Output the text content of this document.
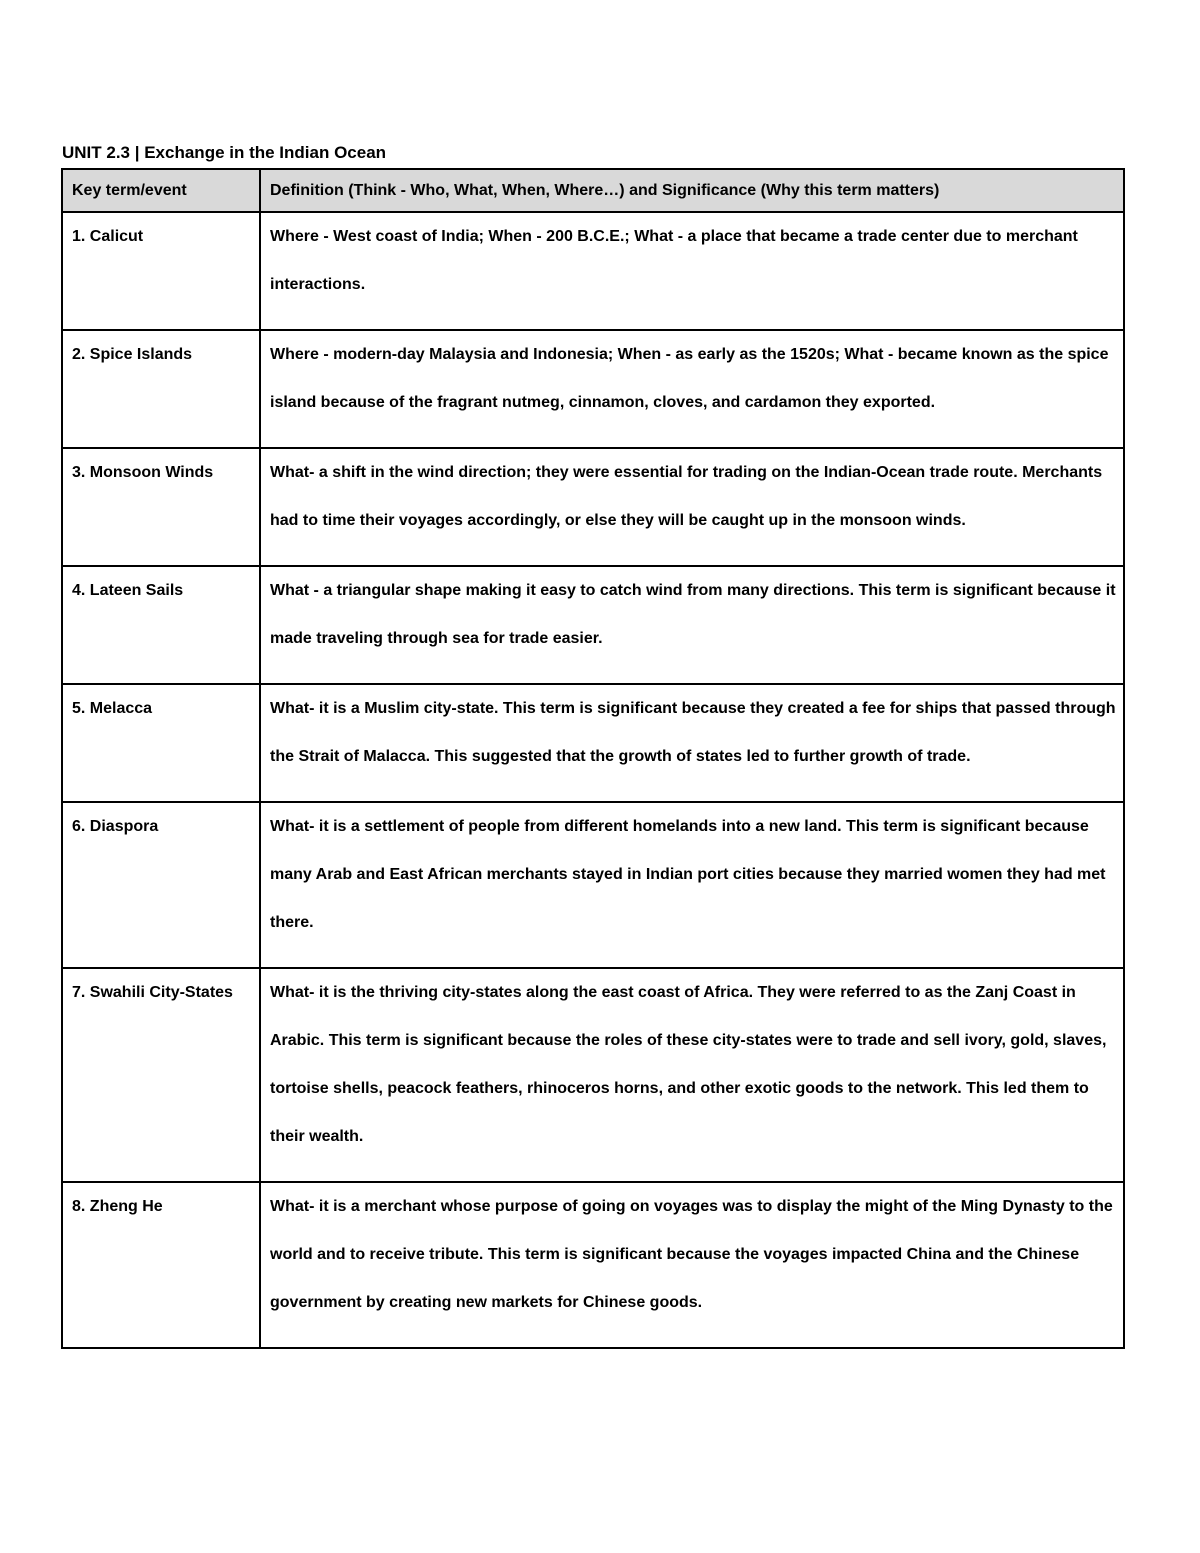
UNIT 2.3 | Exchange in the Indian Ocean
Key term/event	Definition (Think - Who, What, When, Where…) and Significance (Why this term matters)
1. Calicut	Where - West coast of India; When - 200 B.C.E.; What - a place that became a trade center due to merchant interactions.
2. Spice Islands	Where - modern-day Malaysia and Indonesia; When - as early as the 1520s; What - became known as the spice island because of the fragrant nutmeg, cinnamon, cloves, and cardamon they exported.
3. Monsoon Winds	What- a shift in the wind direction; they were essential for trading on the Indian-Ocean trade route. Merchants had to time their voyages accordingly, or else they will be caught up in the monsoon winds.
4. Lateen Sails	What - a triangular shape making it easy to catch wind from many directions. This term is significant because it made traveling through sea for trade easier.
5. Melacca	What- it is a Muslim city-state. This term is significant because they created a fee for ships that passed through the Strait of Malacca. This suggested that the growth of states led to further growth of trade.
6. Diaspora	What- it is a settlement of people from different homelands into a new land. This term is significant because many Arab and East African merchants stayed in Indian port cities because they married women they had met there.
7. Swahili City-States	What- it is the thriving city-states along the east coast of Africa. They were referred to as the Zanj Coast in Arabic. This term is significant because the roles of these city-states were to trade and sell ivory, gold, slaves, tortoise shells, peacock feathers, rhinoceros horns, and other exotic goods to the network. This led them to their wealth.
8. Zheng He	What- it is a merchant whose purpose of going on voyages was to display the might of the Ming Dynasty to the world and to receive tribute. This term is significant because the voyages impacted China and the Chinese government by creating new markets for Chinese goods.
